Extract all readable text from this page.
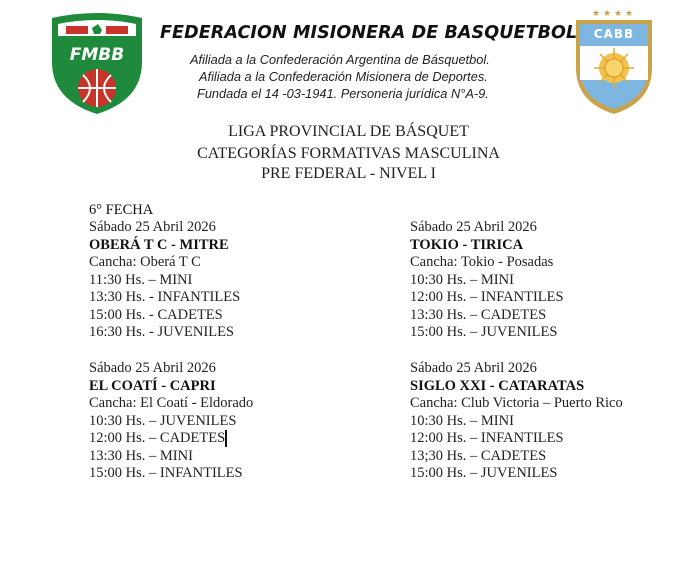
FMBB
★ ★ ★ ★
CABB
FEDERACION MISIONERA DE BASQUETBOL
Afiliada a la Confederación Argentina de Básquetbol.
Afiliada a la Confederación Misionera de Deportes.
Fundada el 14 -03-1941. Personeria jurídica N°A-9.
LIGA PROVINCIAL DE BÁSQUET
CATEGORÍAS FORMATIVAS MASCULINA
PRE FEDERAL - NIVEL I
6° FECHA
Sábado 25 Abril 2026
OBERÁ T C - MITRE
Cancha: Oberá T C
11:30 Hs. – MINI
13:30 Hs. - INFANTILES
15:00 Hs. - CADETES
16:30 Hs. - JUVENILES
Sábado 25 Abril 2026
TOKIO - TIRICA
Cancha: Tokio - Posadas
10:30 Hs. – MINI
12:00 Hs. – INFANTILES
13:30 Hs. – CADETES
15:00 Hs. – JUVENILES
Sábado 25 Abril 2026
EL COATÍ - CAPRI
Cancha: El Coatí - Eldorado
10:30 Hs. – JUVENILES
12:00 Hs. – CADETES
13:30 Hs. – MINI
15:00 Hs. – INFANTILES
Sábado 25 Abril 2026
SIGLO XXI - CATARATAS
Cancha: Club Victoria – Puerto Rico
10:30 Hs. – MINI
12:00 Hs. – INFANTILES
13;30 Hs. – CADETES
15:00 Hs. – JUVENILES
